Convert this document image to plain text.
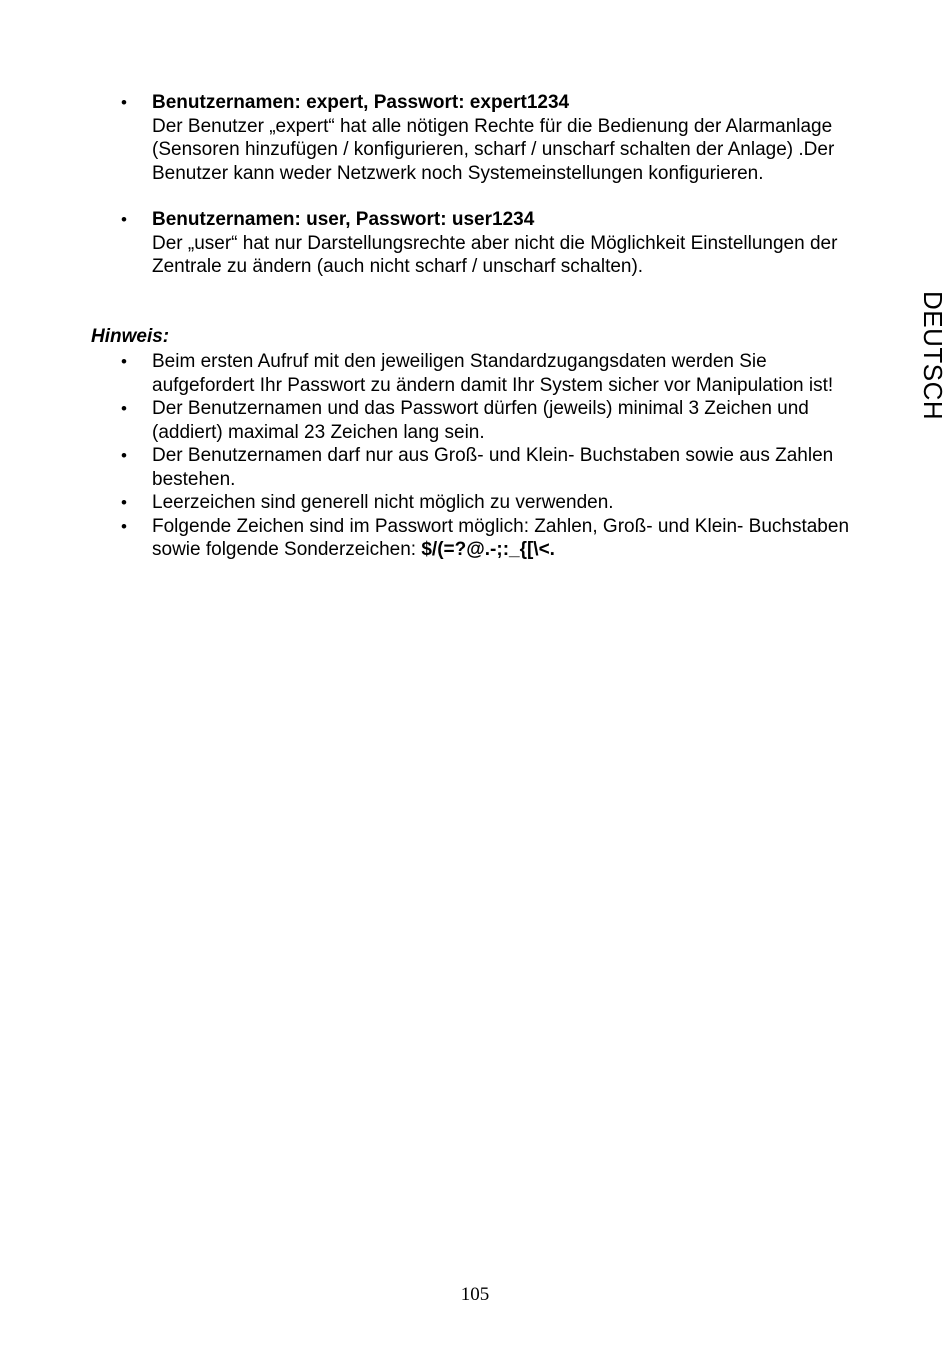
• Benutzernamen: expert, Passwort: expert1234
Der Benutzer „expert“ hat alle nötigen Rechte für die Bedienung der Alarmanlage (Sensoren hinzufügen / konfigurieren, scharf / unscharf schalten der Anlage) .Der Benutzer kann weder Netzwerk noch Systemeinstellungen konfigurieren.
• Benutzernamen: user, Passwort: user1234
Der „user“ hat nur Darstellungsrechte aber nicht die Möglichkeit Einstellungen der Zentrale zu ändern (auch nicht scharf / unscharf schalten).
Hinweis:
• Beim ersten Aufruf mit den jeweiligen Standardzugangsdaten werden Sie aufgefordert Ihr Passwort zu ändern damit Ihr System sicher vor Manipulation ist!
• Der Benutzernamen und das Passwort dürfen (jeweils) minimal 3 Zeichen und (addiert) maximal 23 Zeichen lang sein.
• Der Benutzernamen darf nur aus Groß- und Klein- Buchstaben sowie aus Zahlen bestehen.
• Leerzeichen sind generell nicht möglich zu verwenden.
• Folgende Zeichen sind im Passwort möglich: Zahlen, Groß- und Klein- Buchstaben sowie folgende Sonderzeichen: $/(=?@.-;:_{[\<.
DEUTSCH
105
